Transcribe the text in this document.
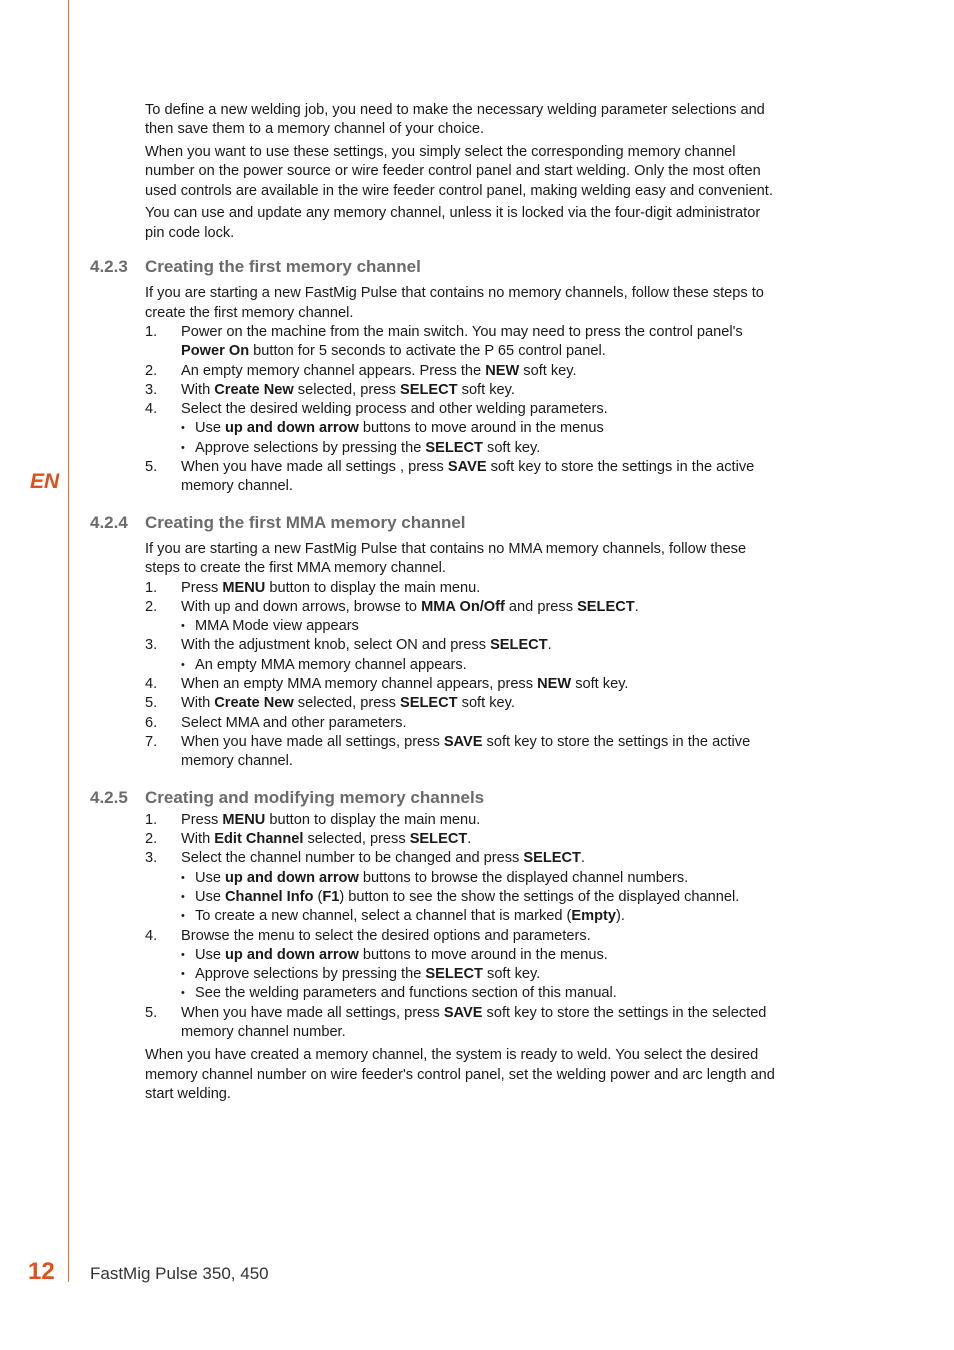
EN

To define a new welding job, you need to make the necessary welding parameter selections and then save them to a memory channel of your choice.

When you want to use these settings, you simply select the corresponding memory channel number on the power source or wire feeder control panel and start welding. Only the most often used controls are available in the wire feeder control panel, making welding easy and convenient.

You can use and update any memory channel, unless it is locked via the four-digit administrator pin code lock.

4.2.3	Creating the first memory channel

If you are starting a new FastMig Pulse that contains no memory channels, follow these steps to create the first memory channel.

1. Power on the machine from the main switch. You may need to press the control panel's Power On button for 5 seconds to activate the P 65 control panel.
2. An empty memory channel appears. Press the NEW soft key.
3. With Create New selected, press SELECT soft key.
4. Select the desired welding process and other welding parameters.
• Use up and down arrow buttons to move around in the menus
• Approve selections by pressing the SELECT soft key.
5. When you have made all settings , press SAVE soft key to store the settings in the active memory channel.
4.2.4	Creating the first MMA memory channel

If you are starting a new FastMig Pulse that contains no MMA memory channels, follow these steps to create the first MMA memory channel.

1. Press MENU button to display the main menu.
2. With up and down arrows, browse to MMA On/Off and press SELECT.
• MMA Mode view appears
3. With the adjustment knob, select ON and press SELECT.
• An empty MMA memory channel appears.
4. When an empty MMA memory channel appears, press NEW soft key.
5. With Create New selected, press SELECT soft key.
6. Select MMA and other parameters.
7. When you have made all settings, press SAVE soft key to store the settings in the active memory channel.
4.2.5	Creating and modifying memory channels
1. Press MENU button to display the main menu.
2. With Edit Channel selected, press SELECT.
3. Select the channel number to be changed and press SELECT.
• Use up and down arrow buttons to browse the displayed channel numbers.
• Use Channel Info (F1) button to see the show the settings of the displayed channel.
• To create a new channel, select a channel that is marked (Empty).
4. Browse the menu to select the desired options and parameters.
• Use up and down arrow buttons to move around in the menus.
• Approve selections by pressing the SELECT soft key.
• See the welding parameters and functions section of this manual.
5. When you have made all settings, press SAVE soft key to store the settings in the selected memory channel number.

When you have created a memory channel, the system is ready to weld. You select the desired memory channel number on wire feeder's control panel, set the welding power and arc length and start welding.

12 FastMig Pulse 350, 450
